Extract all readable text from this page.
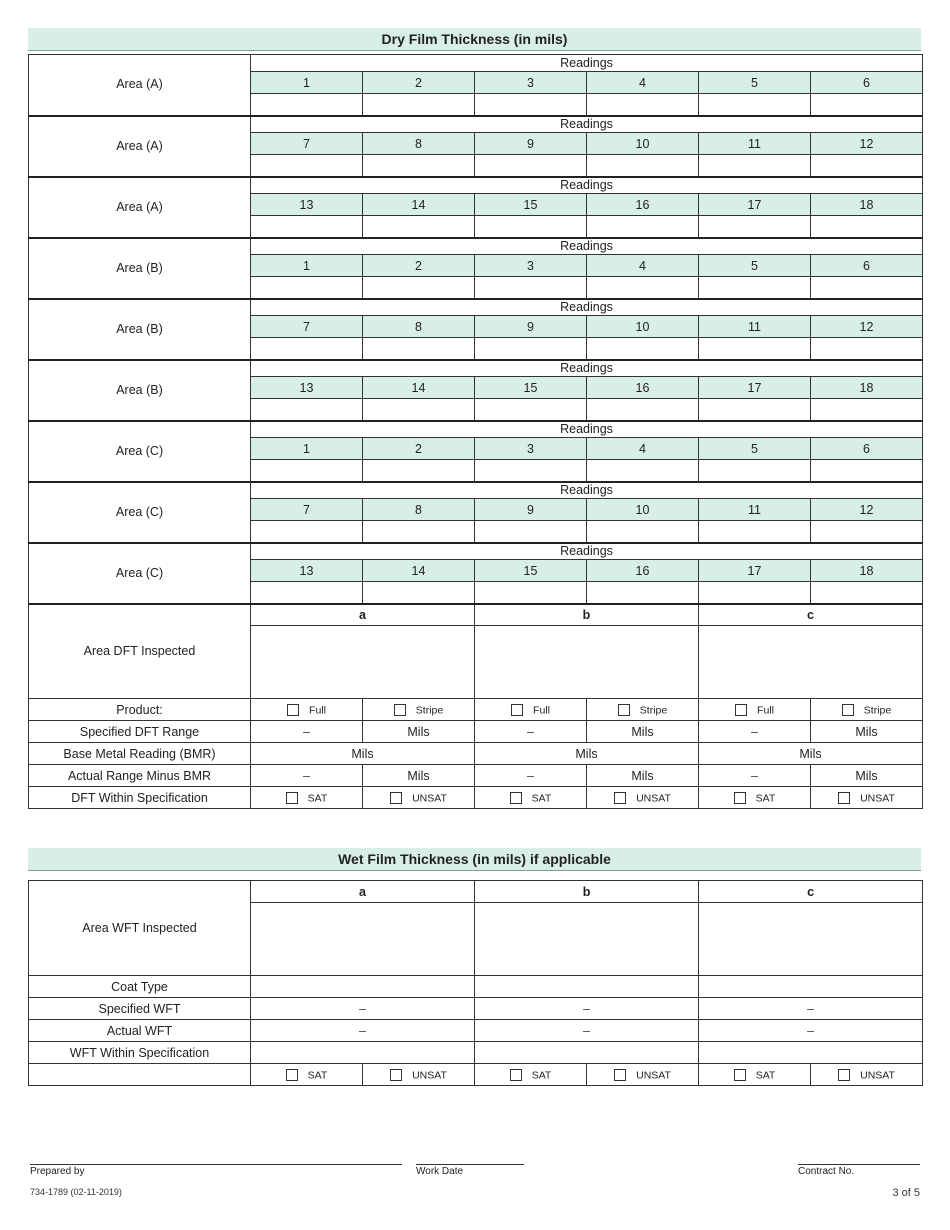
Dry Film Thickness (in mils)
Area (A)	Readings					
	1	2	3	4	5	6

Area (A)	Readings					
	7	8	9	10	11	12

Area (A)	Readings					
	13	14	15	16	17	18

Area (B)	Readings					
	1	2	3	4	5	6

Area (B)	Readings					
	7	8	9	10	11	12

Area (B)	Readings					
	13	14	15	16	17	18

Area (C)	Readings					
	1	2	3	4	5	6

Area (C)	Readings					
	7	8	9	10	11	12

Area (C)	Readings					
	13	14	15	16	17	18

Area DFT Inspected	a		b		c	

Product:	Full	Stripe	Full	Stripe	Full	Stripe
Specified DFT Range	–	Mils	–	Mils	–	Mils
Base Metal Reading (BMR)	Mils		Mils		Mils	
Actual Range Minus BMR	–	Mils	–	Mils	–	Mils
DFT Within Specification	SAT	UNSAT	SAT	UNSAT	SAT	UNSAT
Wet Film Thickness (in mils) if applicable
Area WFT Inspected	a		b		c	

Coat Type						
Specified WFT	–		–		–	
Actual WFT	–		–		–	
WFT Within Specification						
	SAT	UNSAT	SAT	UNSAT	SAT	UNSAT
Prepared by	Work Date	Contract No.
734-1789 (02-11-2019)	3 of 5
